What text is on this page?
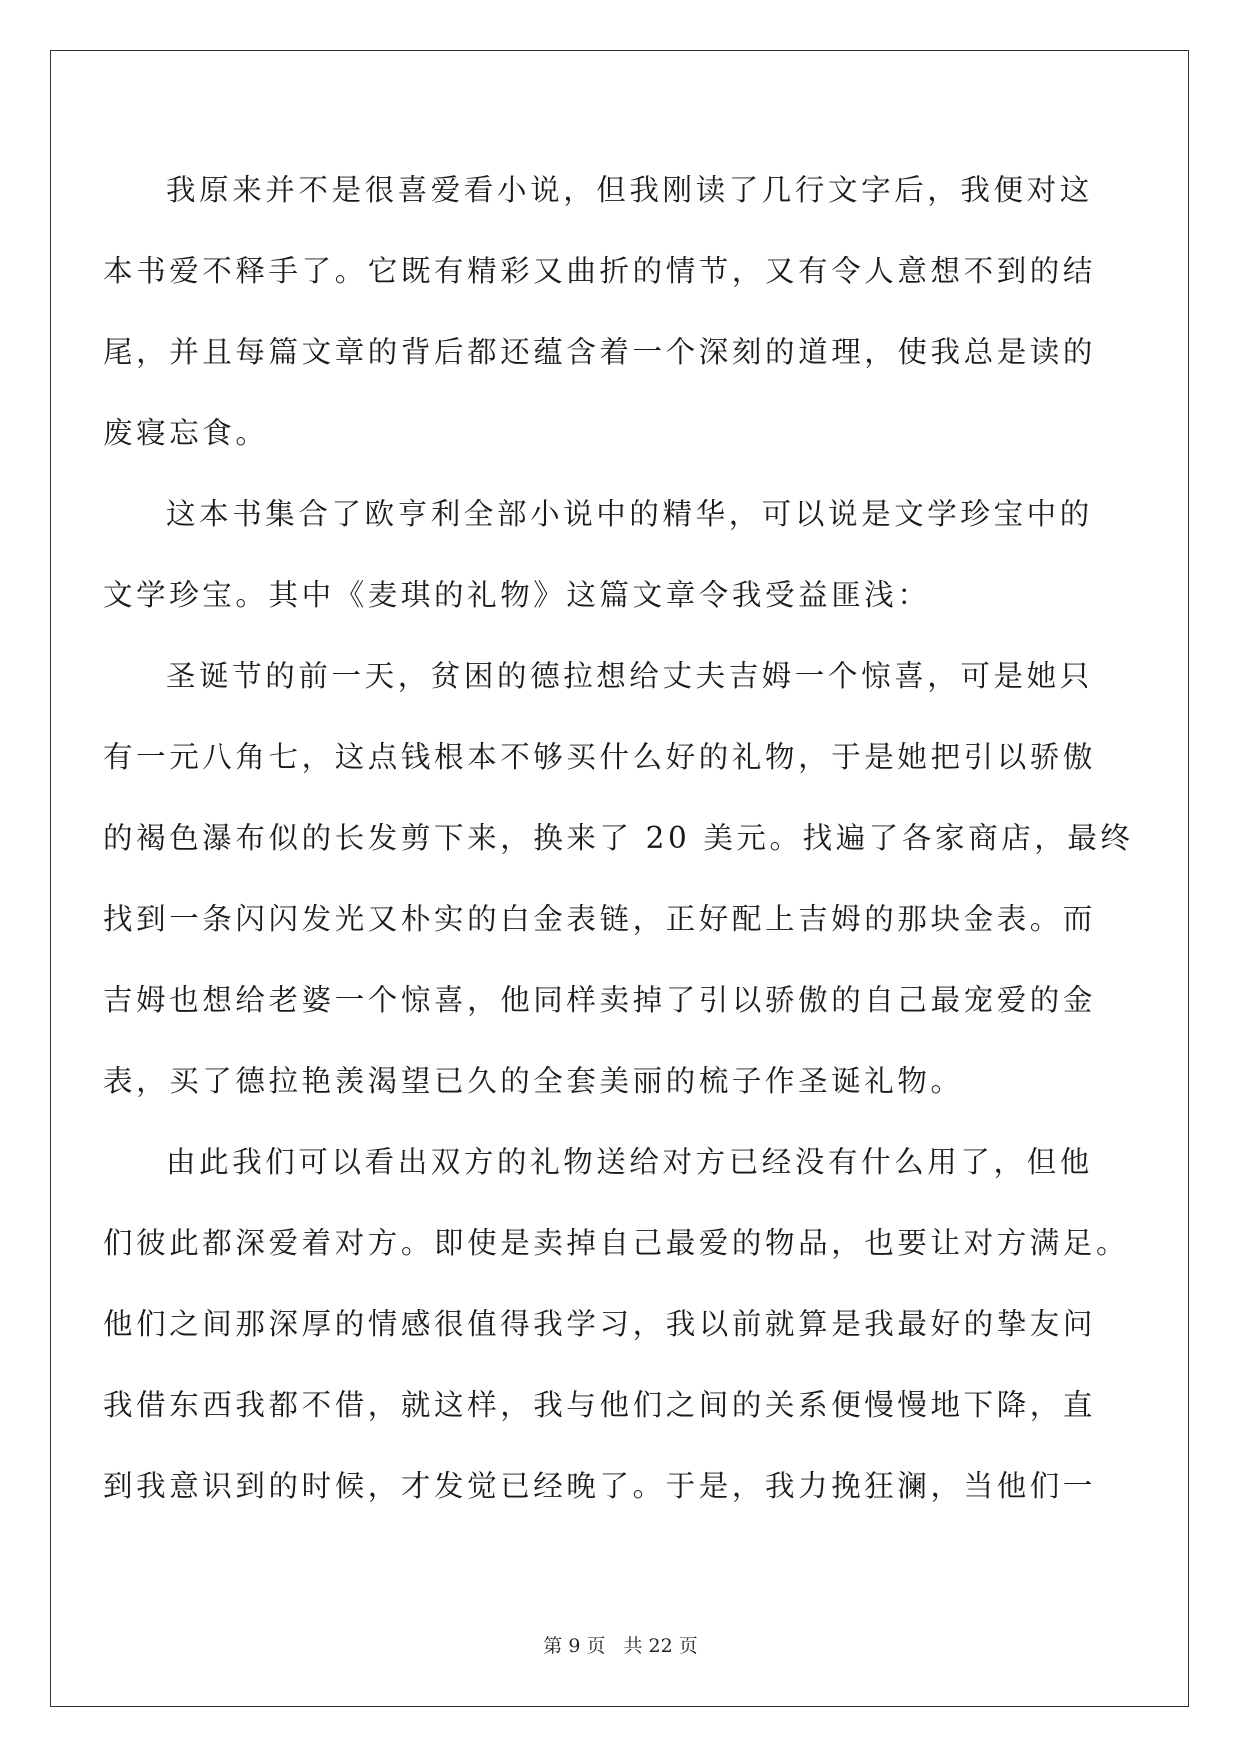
我原来并不是很喜爱看小说，但我刚读了几行文字后，我便对这
本书爱不释手了。它既有精彩又曲折的情节，又有令人意想不到的结
尾，并且每篇文章的背后都还蕴含着一个深刻的道理，使我总是读的
废寝忘食。
这本书集合了欧亨利全部小说中的精华，可以说是文学珍宝中的
文学珍宝。其中《麦琪的礼物》这篇文章令我受益匪浅：
圣诞节的前一天，贫困的德拉想给丈夫吉姆一个惊喜，可是她只
有一元八角七，这点钱根本不够买什么好的礼物，于是她把引以骄傲
的褐色瀑布似的长发剪下来，换来了 20 美元。找遍了各家商店，最终
找到一条闪闪发光又朴实的白金表链，正好配上吉姆的那块金表。而
吉姆也想给老婆一个惊喜，他同样卖掉了引以骄傲的自己最宠爱的金
表，买了德拉艳羡渴望已久的全套美丽的梳子作圣诞礼物。
由此我们可以看出双方的礼物送给对方已经没有什么用了，但他
们彼此都深爱着对方。即使是卖掉自己最爱的物品，也要让对方满足。
他们之间那深厚的情感很值得我学习，我以前就算是我最好的挚友问
我借东西我都不借，就这样，我与他们之间的关系便慢慢地下降，直
到我意识到的时候，才发觉已经晚了。于是，我力挽狂澜，当他们一
第 9 页 共 22 页
